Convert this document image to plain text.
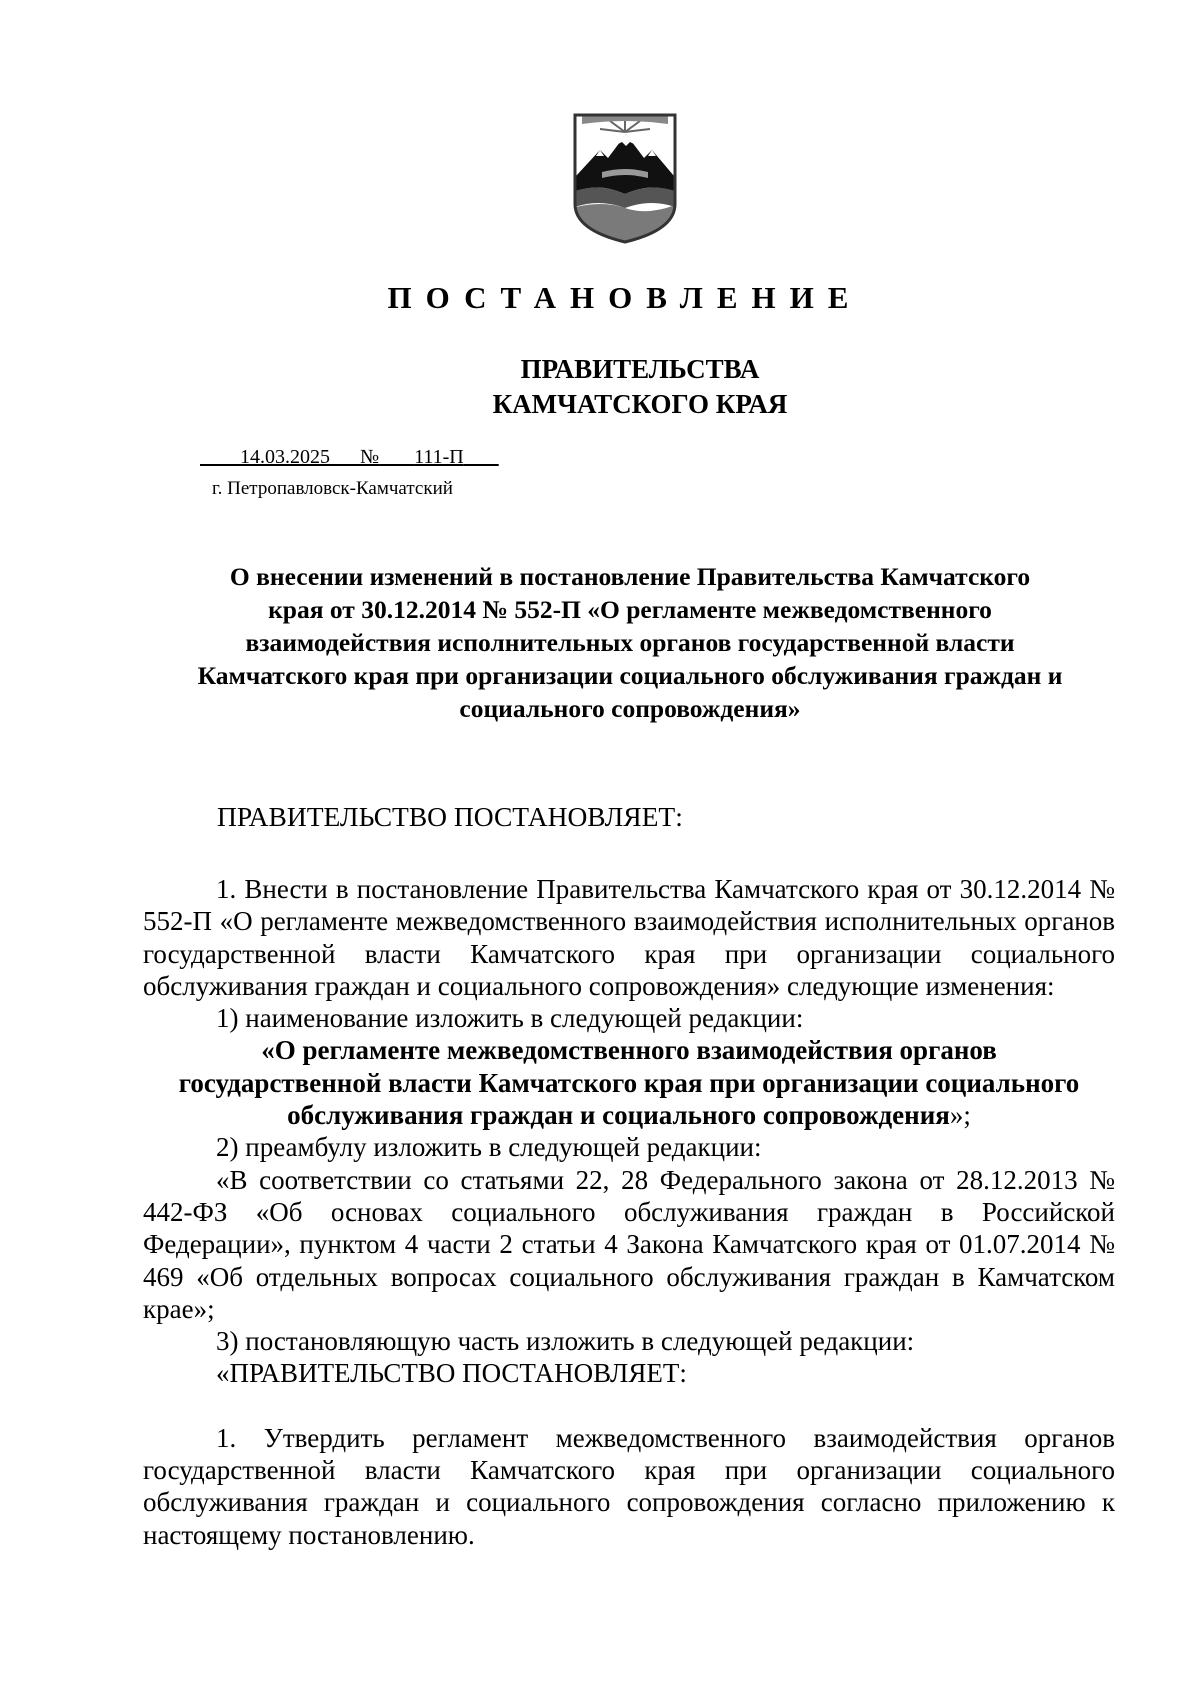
ПОСТАНОВЛЕНИЕ
ПРАВИТЕЛЬСТВА
КАМЧАТСКОГО КРАЯ
14.03.2025 № 111-П
г. Петропавловск-Камчатский
О внесении изменений в постановление Правительства Камчатского
края от 30.12.2014 № 552-П «О регламенте межведомственного
взаимодействия исполнительных органов государственной власти
Камчатского края при организации социального обслуживания граждан и
социального сопровождения»
ПРАВИТЕЛЬСТВО ПОСТАНОВЛЯЕТ:

1. Внести в постановление Правительства Камчатского края от 30.12.2014 № 552-П «О регламенте межведомственного взаимодействия исполнительных органов государственной власти Камчатского края при организации социального обслуживания граждан и социального сопровождения» следующие изменения:

1) наименование изложить в следующей редакции:

«О регламенте межведомственного взаимодействия органов
государственной власти Камчатского края при организации социального
обслуживания граждан и социального сопровождения»;

2) преамбулу изложить в следующей редакции:

«В соответствии со статьями 22, 28 Федерального закона от 28.12.2013 № 442-ФЗ «Об основах социального обслуживания граждан в Российской Федерации», пунктом 4 части 2 статьи 4 Закона Камчатского края от 01.07.2014 № 469 «Об отдельных вопросах социального обслуживания граждан в Камчатском крае»;

3) постановляющую часть изложить в следующей редакции:

«ПРАВИТЕЛЬСТВО ПОСТАНОВЛЯЕТ:

1. Утвердить регламент межведомственного взаимодействия органов государственной власти Камчатского края при организации социального обслуживания граждан и социального сопровождения согласно приложению к настоящему постановлению.
